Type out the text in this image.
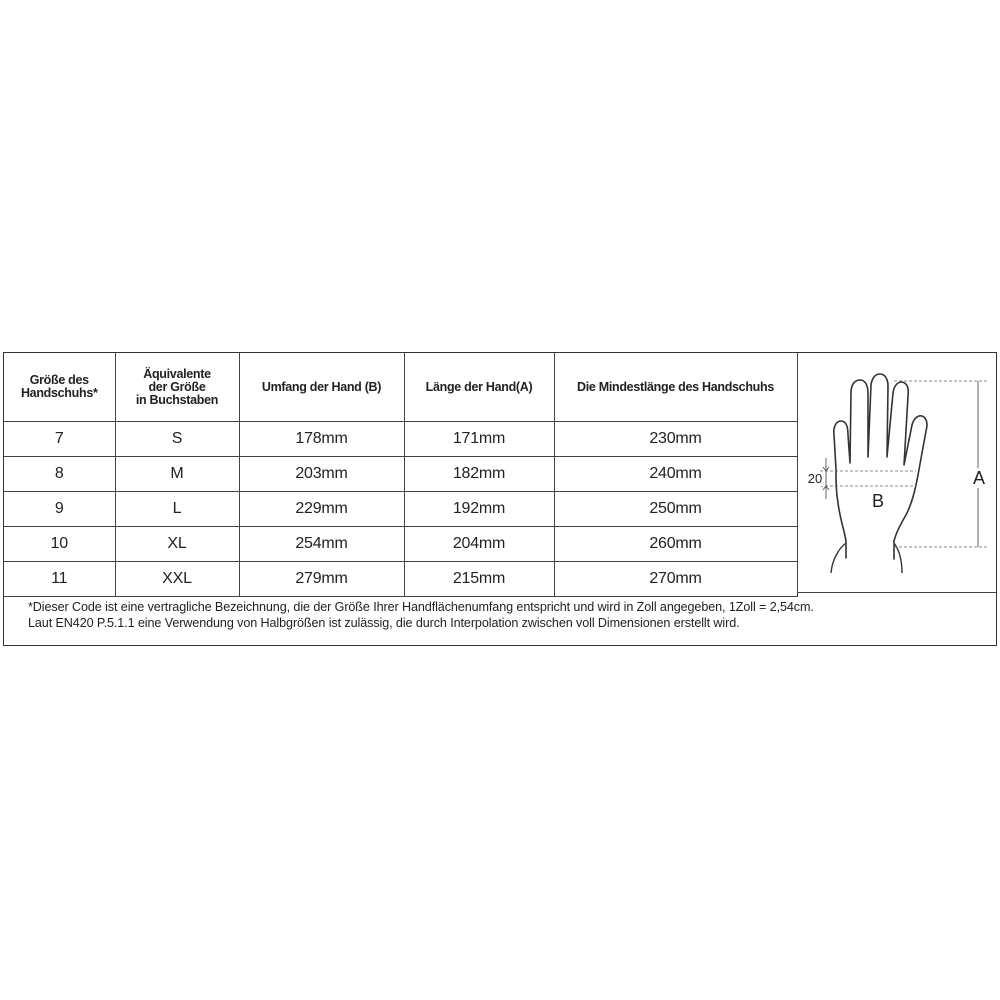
Größe des
Handschuhs*	Äquivalente
der Größe
in Buchstaben	Umfang der Hand (B)	Länge der Hand(A)	Die Mindestlänge des Handschuhs

7	S	178mm	171mm	230mm
8	M	203mm	182mm	240mm
9	L	229mm	192mm	250mm
10	XL	254mm	204mm	260mm
11	XXL	279mm	215mm	270mm
20	A
B
*Dieser Code ist eine vertragliche Bezeichnung, die der Größe Ihrer Handflächenumfang entspricht und wird in Zoll angegeben, 1Zoll = 2,54cm.
Laut EN420 P.5.1.1 eine Verwendung von Halbgrößen ist zulässig, die durch Interpolation zwischen voll Dimensionen erstellt wird.
